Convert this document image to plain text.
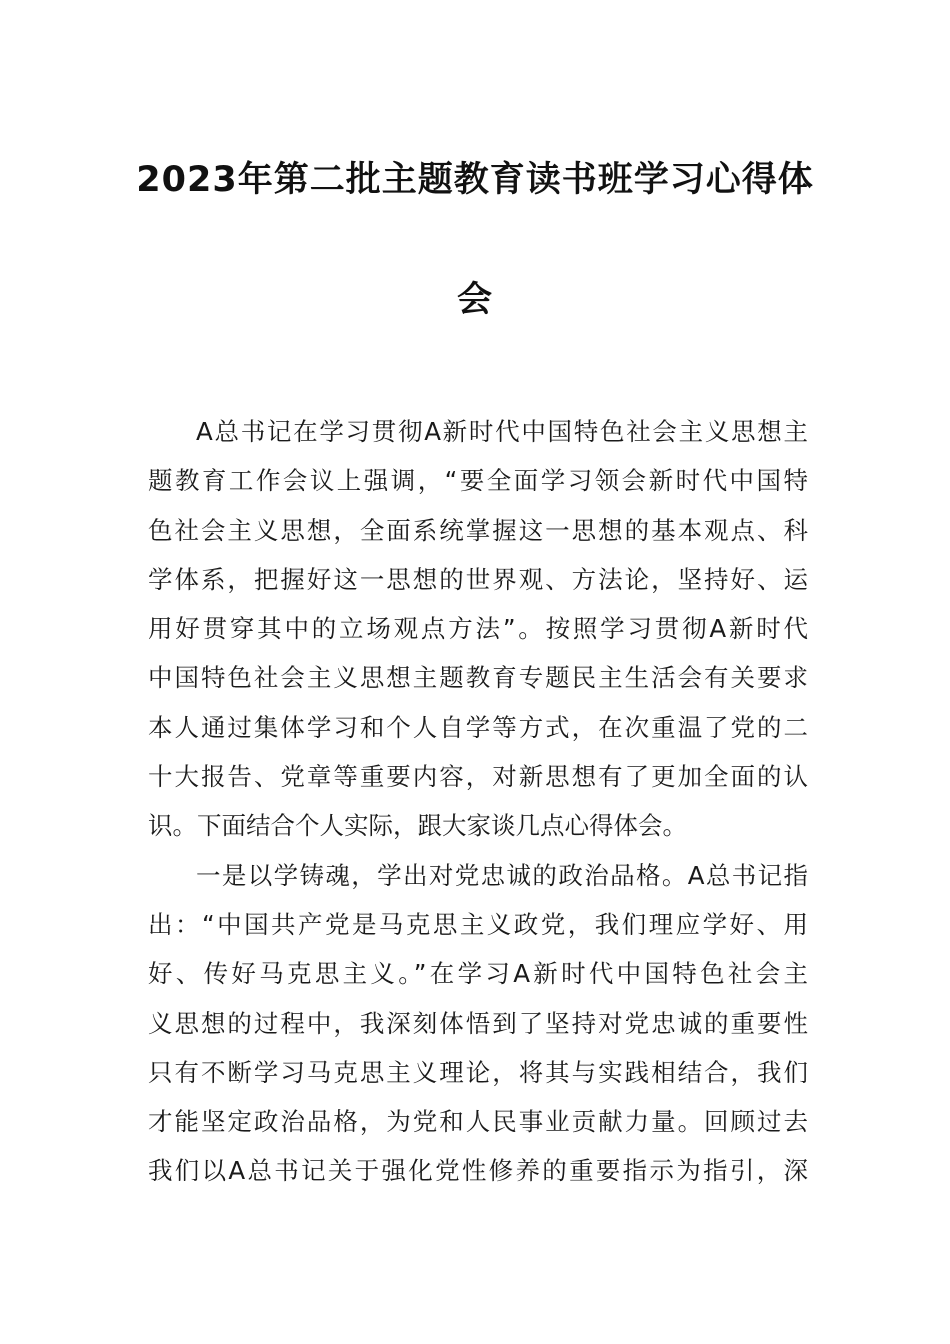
2023年第二批主题教育读书班学习心得体
会
A总书记在学习贯彻A新时代中国特色社会主义思想主
题教育工作会议上强调，“要全面学习领会新时代中国特
色社会主义思想，全面系统掌握这一思想的基本观点、科
学体系，把握好这一思想的世界观、方法论，坚持好、运
用好贯穿其中的立场观点方法”。按照学习贯彻A新时代
中国特色社会主义思想主题教育专题民主生活会有关要求
本人通过集体学习和个人自学等方式，在次重温了党的二
十大报告、党章等重要内容，对新思想有了更加全面的认
识。下面结合个人实际，跟大家谈几点心得体会。
一是以学铸魂，学出对党忠诚的政治品格。A总书记指
出：“中国共产党是马克思主义政党，我们理应学好、用
好、传好马克思主义。”在学习A新时代中国特色社会主
义思想的过程中，我深刻体悟到了坚持对党忠诚的重要性
只有不断学习马克思主义理论，将其与实践相结合，我们
才能坚定政治品格，为党和人民事业贡献力量。回顾过去
我们以A总书记关于强化党性修养的重要指示为指引，深
